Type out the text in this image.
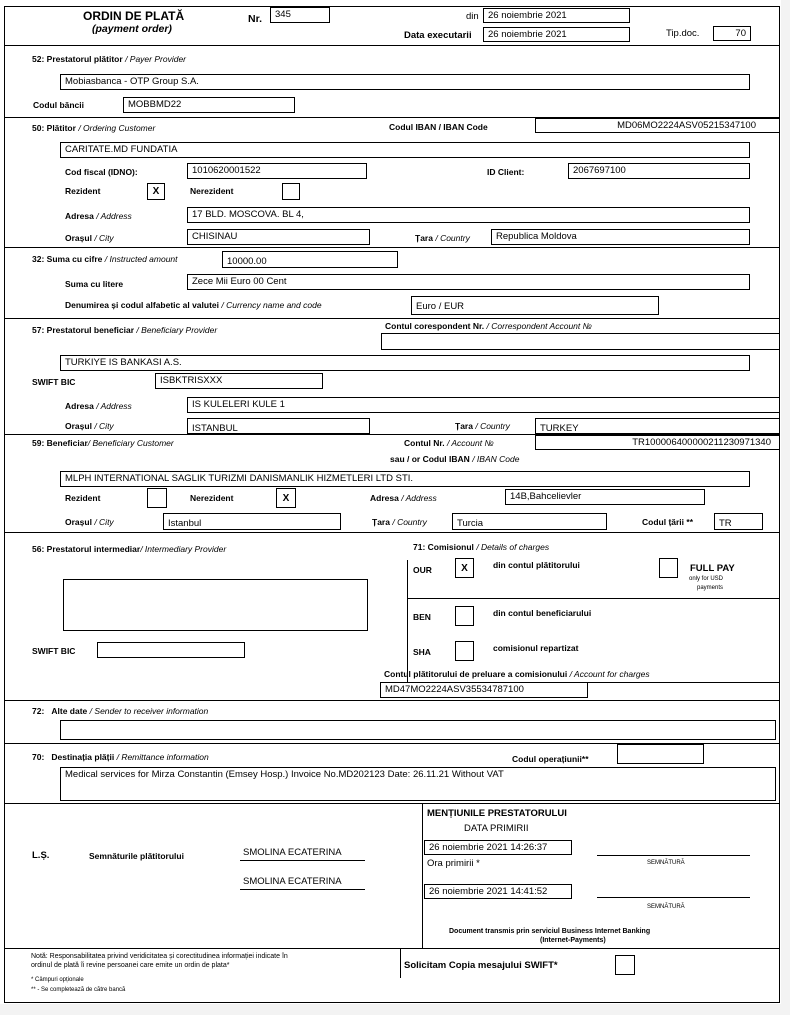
ORDIN DE PLATĂ
(payment order)
Nr.	345	din 26 noiembrie 2021
Data executarii	26 noiembrie 2021	Tip.doc.	70
52: Prestatorul plătitor / Payer Provider
Mobiasbanca - OTP Group S.A.
Codul băncii	MOBBMD22
50: Plătitor / Ordering Customer	Codul IBAN / IBAN Code	MD06MO2224ASV05215347100
CARITATE.MD FUNDATIA
Cod fiscal (IDNO):	1010620001522	ID Client:	2067697100
Rezident	X	Nerezident
Adresa / Address	17 BLD. MOSCOVA. BL 4,
Orașul / City	CHISINAU	Țara / Country	Republica Moldova
32: Suma cu cifre / Instructed amount	10000.00
Suma cu litere	Zece Mii Euro 00 Cent
Denumirea și codul alfabetic al valutei / Currency name and code	Euro / EUR
57: Prestatorul beneficiar / Beneficiary Provider	Contul corespondent Nr. / Correspondent Account №
TURKIYE IS BANKASI A.S.
SWIFT BIC	ISBKTRISXXX
Adresa / Address	IS KULELERI KULE 1
Orașul / City	ISTANBUL	Țara / Country	TURKEY
59: Beneficiar/ Beneficiary Customer	Contul Nr. / Account №	TR100006400000211230971340
sau / or Codul IBAN / IBAN Code
MLPH INTERNATIONAL SAGLIK TURIZMI DANISMANLIK HIZMETLERI LTD STI.
Rezident	Nerezident	X	Adresa / Address	14B,Bahcelievler
Orașul / City	Istanbul	Țara / Country	Turcia	Codul țării **	TR
56: Prestatorul intermediar/ Intermediary Provider
SWIFT BIC
71: Comisionul / Details of charges
OUR	X	din contul plătitorului	FULL PAY
only for USD
payments
BEN	din contul beneficiarului
SHA	comisionul repartizat
Contul plătitorului de preluare a comisionului / Account for charges
MD47MO2224ASV35534787100
72: Alte date / Sender to receiver information
70: Destinația plății / Remittance information	Codul operațiunii**
Medical services for Mirza Constantin (Emsey Hosp.) Invoice No.MD202123 Date: 26.11.21 Without VAT
L.Ș.	Semnăturile plătitorului	SMOLINA ECATERINA
SMOLINA ECATERINA
MENȚIUNILE PRESTATORULUI
DATA PRIMIRII
26 noiembrie 2021 14:26:37
Ora primirii *	SEMNĂTURĂ
26 noiembrie 2021 14:41:52
SEMNĂTURĂ
Document transmis prin serviciul Business Internet Banking
(Internet-Payments)
Notă: Responsabilitatea privind veridicitatea și corectitudinea informației indicate în
ordinul de plată îi revine persoanei care emite un ordin de plata*
* Câmpuri opționale
** - Se completează de către bancă
Solicitam Copia mesajului SWIFT*
